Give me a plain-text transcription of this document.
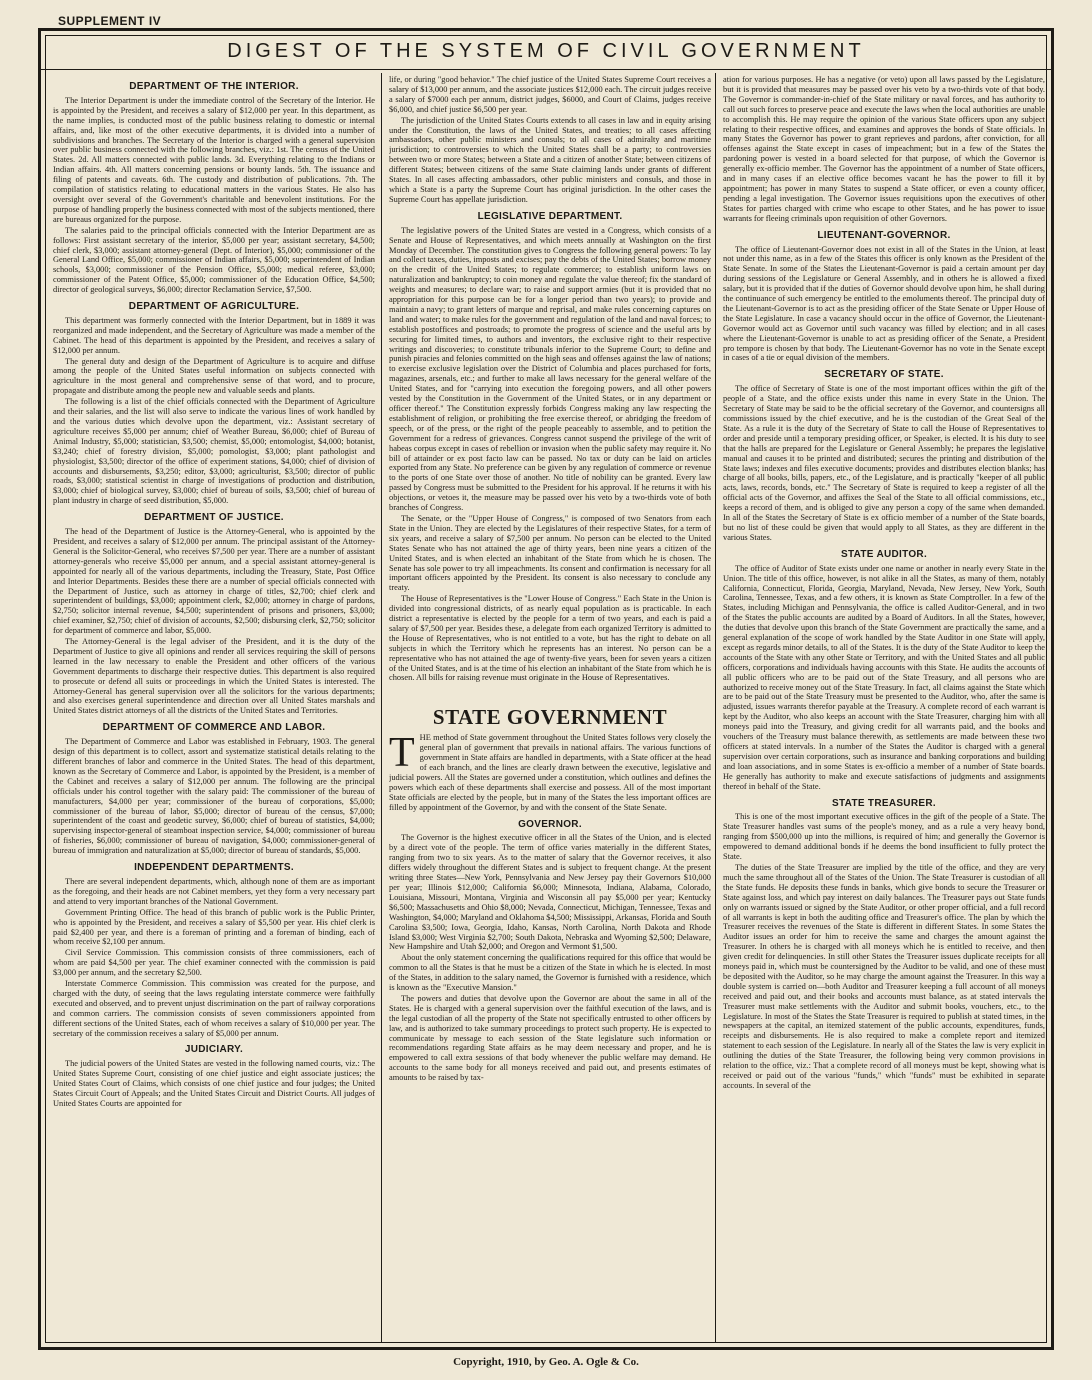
SUPPLEMENT IV
DIGEST OF THE SYSTEM OF CIVIL GOVERNMENT
DEPARTMENT OF THE INTERIOR.

The Interior Department is under the immediate control of the Secretary of the Interior. He is appointed by the President, and receives a salary of $12,000 per year. In this department, as the name implies, is conducted most of the public business relating to domestic or internal affairs, and, like most of the other executive departments, it is divided into a number of subdivisions and branches. The Secretary of the Interior is charged with a general supervision over public business connected with the following branches, viz.: 1st. The census of the United States. 2d. All matters connected with public lands. 3d. Everything relating to the Indians or Indian affairs. 4th. All matters concerning pensions or bounty lands. 5th. The issuance and filing of patents and caveats. 6th. The custody and distribution of publications. 7th. The compilation of statistics relating to educational matters in the various States. He also has oversight over several of the Government's charitable and benevolent institutions. For the purpose of handling properly the business connected with most of the subjects mentioned, there are bureaus organized for the purpose.

The salaries paid to the principal officials connected with the Interior Department are as follows: First assistant secretary of the interior, $5,000 per year; assistant secretary, $4,500; chief clerk, $3,000; assistant attorney-general (Dept. of Interior), $5,000; commissioner of the General Land Office, $5,000; commissioner of Indian affairs, $5,000; superintendent of Indian schools, $3,000; commissioner of the Pension Office, $5,000; medical referee, $3,000; commissioner of the Patent Office, $5,000; commissioner of the Education Office, $4,500; director of geological surveys, $6,000; director Reclamation Service, $7,500.

DEPARTMENT OF AGRICULTURE.

This department was formerly connected with the Interior Department, but in 1889 it was reorganized and made independent, and the Secretary of Agriculture was made a member of the Cabinet. The head of this department is appointed by the President, and receives a salary of $12,000 per annum.

The general duty and design of the Department of Agriculture is to acquire and diffuse among the people of the United States useful information on subjects connected with agriculture in the most general and comprehensive sense of that word, and to procure, propagate and distribute among the people new and valuable seeds and plants.

The following is a list of the chief officials connected with the Department of Agriculture and their salaries, and the list will also serve to indicate the various lines of work handled by and the various duties which devolve upon the department, viz.: Assistant secretary of agriculture receives $5,000 per annum; chief of Weather Bureau, $6,000; chief of Bureau of Animal Industry, $5,000; statistician, $3,500; chemist, $5,000; entomologist, $4,000; botanist, $3,240; chief of forestry division, $5,000; pomologist, $3,000; plant pathologist and physiologist, $3,500; director of the office of experiment stations, $4,000; chief of division of accounts and disbursements, $3,250; editor, $3,000; agriculturist, $3,500; director of public roads, $3,000; statistical scientist in charge of investigations of production and distribution, $3,000; chief of biological survey, $3,000; chief of bureau of soils, $3,500; chief of bureau of plant industry in charge of seed distribution, $5,000.

DEPARTMENT OF JUSTICE.

The head of the Department of Justice is the Attorney-General, who is appointed by the President, and receives a salary of $12,000 per annum. The principal assistant of the Attorney-General is the Solicitor-General, who receives $7,500 per year. There are a number of assistant attorney-generals who receive $5,000 per annum, and a special assistant attorney-general is appointed for nearly all of the various departments, including the Treasury, State, Post Office and Interior Departments. Besides these there are a number of special officials connected with the Department of Justice, such as attorney in charge of titles, $2,700; chief clerk and superintendent of buildings, $3,000; appointment clerk, $2,000; attorney in charge of pardons, $2,750; solicitor internal revenue, $4,500; superintendent of prisons and prisoners, $3,000; chief examiner, $2,750; chief of division of accounts, $2,500; disbursing clerk, $2,750; solicitor for department of commerce and labor, $5,000.

The Attorney-General is the legal adviser of the President, and it is the duty of the Department of Justice to give all opinions and render all services requiring the skill of persons learned in the law necessary to enable the President and other officers of the various Government departments to discharge their respective duties. This department is also required to prosecute or defend all suits or proceedings in which the United States is interested. The Attorney-General has general supervision over all the solicitors for the various departments; and also exercises general superintendence and direction over all United States marshals and United States district attorneys of all the districts of the United States and Territories.

DEPARTMENT OF COMMERCE AND LABOR.

The Department of Commerce and Labor was established in February, 1903. The general design of this department is to collect, assort and systematize statistical details relating to the different branches of labor and commerce in the United States. The head of this department, known as the Secretary of Commerce and Labor, is appointed by the President, is a member of the Cabinet and receives a salary of $12,000 per annum. The following are the principal officials under his control together with the salary paid: The commissioner of the bureau of manufacturers, $4,000 per year; commissioner of the bureau of corporations, $5,000; commissioner of the bureau of labor, $5,000; director of bureau of the census, $7,000; superintendent of the coast and geodetic survey, $6,000; chief of bureau of statistics, $4,000; supervising inspector-general of steamboat inspection service, $4,000; commissioner of bureau of fisheries, $6,000; commissioner of bureau of navigation, $4,000; commissioner-general of bureau of immigration and naturalization at $5,000; director of bureau of standards, $5,000.

INDEPENDENT DEPARTMENTS.

There are several independent departments, which, although none of them are as important as the foregoing, and their heads are not Cabinet members, yet they form a very necessary part and attend to very important branches of the National Government.

Government Printing Office. The head of this branch of public work is the Public Printer, who is appointed by the President, and receives a salary of $5,500 per year. His chief clerk is paid $2,400 per year, and there is a foreman of printing and a foreman of binding, each of whom receive $2,100 per annum.

Civil Service Commission. This commission consists of three commissioners, each of whom are paid $4,500 per year. The chief examiner connected with the commission is paid $3,000 per annum, and the secretary $2,500.

Interstate Commerce Commission. This commission was created for the purpose, and charged with the duty, of seeing that the laws regulating interstate commerce were faithfully executed and observed, and to prevent unjust discrimination on the part of railway corporations and common carriers. The commission consists of seven commissioners appointed from different sections of the United States, each of whom receives a salary of $10,000 per year. The secretary of the commission receives a salary of $5,000 per annum.

JUDICIARY.

The judicial powers of the United States are vested in the following named courts, viz.: The United States Supreme Court, consisting of one chief justice and eight associate justices; the United States Court of Claims, which consists of one chief justice and four judges; the United States Circuit Court of Appeals; and the United States Circuit and District Courts. All judges of United States Courts are appointed for

life, or during "good behavior." The chief justice of the United States Supreme Court receives a salary of $13,000 per annum, and the associate justices $12,000 each. The circuit judges receive a salary of $7000 each per annum, district judges, $6000, and Court of Claims, judges receive $6,000, and chief justice $6,500 per year.

The jurisdiction of the United States Courts extends to all cases in law and in equity arising under the Constitution, the laws of the United States, and treaties; to all cases affecting ambassadors, other public ministers and consuls; to all cases of admiralty and maritime jurisdiction; to controversies to which the United States shall be a party; to controversies between two or more States; between a State and a citizen of another State; between citizens of different States; between citizens of the same State claiming lands under grants of different States. In all cases affecting ambassadors, other public ministers and consuls, and those in which a State is a party the Supreme Court has original jurisdiction. In the other cases the Supreme Court has appellate jurisdiction.

LEGISLATIVE DEPARTMENT.

The legislative powers of the United States are vested in a Congress, which consists of a Senate and House of Representatives, and which meets annually at Washington on the first Monday of December. The constitution gives to Congress the following general powers: To lay and collect taxes, duties, imposts and excises; pay the debts of the United States; borrow money on the credit of the United States; to regulate commerce; to establish uniform laws on naturalization and bankruptcy; to coin money and regulate the value thereof; fix the standard of weights and measures; to declare war; to raise and support armies (but it is provided that no appropriation for this purpose can be for a longer period than two years); to provide and maintain a navy; to grant letters of marque and reprisal, and make rules concerning captures on land and water; to make rules for the government and regulation of the land and naval forces; to establish postoffices and postroads; to promote the progress of science and the useful arts by securing for limited times, to authors and inventors, the exclusive right to their respective writings and discoveries; to constitute tribunals inferior to the Supreme Court; to define and punish piracies and felonies committed on the high seas and offenses against the law of nations; to exercise exclusive legislation over the District of Columbia and places purchased for forts, magazines, arsenals, etc.; and further to make all laws necessary for the general welfare of the United States, and for "carrying into execution the foregoing powers, and all other powers vested by the Constitution in the Government of the United States, or in any department or officer thereof." The Constitution expressly forbids Congress making any law respecting the establishment of religion, or prohibiting the free exercise thereof, or abridging the freedom of speech, or of the press, or the right of the people peaceably to assemble, and to petition the Government for a redress of grievances. Congress cannot suspend the privilege of the writ of habeas corpus except in cases of rebellion or invasion when the public safety may require it. No bill of attainder or ex post facto law can be passed. No tax or duty can be laid on articles exported from any State. No preference can be given by any regulation of commerce or revenue to the ports of one State over those of another. No title of nobility can be granted. Every law passed by Congress must be submitted to the President for his approval. If he returns it with his objections, or vetoes it, the measure may be passed over his veto by a two-thirds vote of both branches of Congress.

The Senate, or the "Upper House of Congress," is composed of two Senators from each State in the Union. They are elected by the Legislatures of their respective States, for a term of six years, and receive a salary of $7,500 per annum. No person can be elected to the United States Senate who has not attained the age of thirty years, been nine years a citizen of the United States, and is when elected an inhabitant of the State from which he is chosen. The Senate has sole power to try all impeachments. Its consent and confirmation is necessary for all important officers appointed by the President. Its consent is also necessary to conclude any treaty.

The House of Representatives is the "Lower House of Congress." Each State in the Union is divided into congressional districts, of as nearly equal population as is practicable. In each district a representative is elected by the people for a term of two years, and each is paid a salary of $7,500 per year. Besides these, a delegate from each organized Territory is admitted to the House of Representatives, who is not entitled to a vote, but has the right to debate on all subjects in which the Territory which he represents has an interest. No person can be a representative who has not attained the age of twenty-five years, been for seven years a citizen of the United States, and is at the time of his election an inhabitant of the State from which he is chosen. All bills for raising revenue must originate in the House of Representatives.

STATE GOVERNMENT

THE method of State government throughout the United States follows very closely the general plan of government that prevails in national affairs. The various functions of government in State affairs are handled in departments, with a State officer at the head of each branch, and the lines are clearly drawn between the executive, legislative and judicial powers. All the States are governed under a constitution, which outlines and defines the powers which each of these departments shall exercise and possess. All of the most important State officials are elected by the people, but in many of the States the less important offices are filled by appointment of the Governor, by and with the consent of the State Senate.

GOVERNOR.

The Governor is the highest executive officer in all the States of the Union, and is elected by a direct vote of the people. The term of office varies materially in the different States, ranging from two to six years. As to the matter of salary that the Governor receives, it also differs widely throughout the different States and is subject to frequent change. At the present writing three States—New York, Pennsylvania and New Jersey pay their Governors $10,000 per year; Illinois $12,000; California $6,000; Minnesota, Indiana, Alabama, Colorado, Louisiana, Missouri, Montana, Virginia and Wisconsin all pay $5,000 per year; Kentucky $6,500; Massachusetts and Ohio $8,000; Nevada, Connecticut, Michigan, Tennessee, Texas and Washington, $4,000; Maryland and Oklahoma $4,500; Mississippi, Arkansas, Florida and South Carolina $3,500; Iowa, Georgia, Idaho, Kansas, North Carolina, North Dakota and Rhode Island $3,000; West Virginia $2,700; South Dakota, Nebraska and Wyoming $2,500; Delaware, New Hampshire and Utah $2,000; and Oregon and Vermont $1,500.

About the only statement concerning the qualifications required for this office that would be common to all the States is that he must be a citizen of the State in which he is elected. In most of the States, in addition to the salary named, the Governor is furnished with a residence, which is known as the "Executive Mansion."

The powers and duties that devolve upon the Governor are about the same in all of the States. He is charged with a general supervision over the faithful execution of the laws, and is the legal custodian of all the property of the State not specifically entrusted to other officers by law, and is authorized to take summary proceedings to protect such property. He is expected to communicate by message to each session of the State legislature such information or recommendations regarding State affairs as he may deem necessary and proper, and he is empowered to call extra sessions of that body whenever the public welfare may demand. He accounts to the same body for all moneys received and paid out, and presents estimates of amounts to be raised by tax-

ation for various purposes. He has a negative (or veto) upon all laws passed by the Legislature, but it is provided that measures may be passed over his veto by a two-thirds vote of that body. The Governor is commander-in-chief of the State military or naval forces, and has authority to call out such forces to preserve peace and execute the laws when the local authorities are unable to accomplish this. He may require the opinion of the various State officers upon any subject relating to their respective offices, and examines and approves the bonds of State officials. In many States the Governor has power to grant reprieves and pardons, after conviction, for all offenses against the State except in cases of impeachment; but in a few of the States the pardoning power is vested in a board selected for that purpose, of which the Governor is generally ex-officio member. The Governor has the appointment of a number of State officers, and in many cases if an elective office becomes vacant he has the power to fill it by appointment; has power in many States to suspend a State officer, or even a county officer, pending a legal investigation. The Governor issues requisitions upon the executives of other States for parties charged with crime who escape to other States, and he has power to issue warrants for fleeing criminals upon requisition of other Governors.

LIEUTENANT-GOVERNOR.

The office of Lieutenant-Governor does not exist in all of the States in the Union, at least not under this name, as in a few of the States this officer is only known as the President of the State Senate. In some of the States the Lieutenant-Governor is paid a certain amount per day during sessions of the Legislature or General Assembly, and in others he is allowed a fixed salary, but it is provided that if the duties of Governor should devolve upon him, he shall during the continuance of such emergency be entitled to the emoluments thereof. The principal duty of the Lieutenant-Governor is to act as the presiding officer of the State Senate or Upper House of the State Legislature. In case a vacancy should occur in the office of Governor, the Lieutenant-Governor would act as Governor until such vacancy was filled by election; and in all cases where the Lieutenant-Governor is unable to act as presiding officer of the Senate, a President pro tempore is chosen by that body. The Lieutenant-Governor has no vote in the Senate except in cases of a tie or equal division of the members.

SECRETARY OF STATE.

The office of Secretary of State is one of the most important offices within the gift of the people of a State, and the office exists under this name in every State in the Union. The Secretary of State may be said to be the official secretary of the Governor, and countersigns all commissions issued by the chief executive, and he is the custodian of the Great Seal of the State. As a rule it is the duty of the Secretary of State to call the House of Representatives to order and preside until a temporary presiding officer, or Speaker, is elected. It is his duty to see that the halls are prepared for the Legislature or General Assembly; he prepares the legislative manual and causes it to be printed and distributed; secures the printing and distribution of the State laws; indexes and files executive documents; provides and distributes election blanks; has charge of all books, bills, papers, etc., of the Legislature, and is practically "keeper of all public acts, laws, records, bonds, etc." The Secretary of State is required to keep a register of all the official acts of the Governor, and affixes the Seal of the State to all official commissions, etc., keeps a record of them, and is obliged to give any person a copy of the same when demanded. In all of the States the Secretary of State is ex officio member of a number of the State boards, but no list of these could be given that would apply to all States, as they are different in the various States.

STATE AUDITOR.

The office of Auditor of State exists under one name or another in nearly every State in the Union. The title of this office, however, is not alike in all the States, as many of them, notably California, Connecticut, Florida, Georgia, Maryland, Nevada, New Jersey, New York, South Carolina, Tennessee, Texas, and a few others, it is known as State Comptroller. In a few of the States, including Michigan and Pennsylvania, the office is called Auditor-General, and in two of the States the public accounts are audited by a Board of Auditors. In all the States, however, the duties that devolve upon this branch of the State Government are practically the same, and a general explanation of the scope of work handled by the State Auditor in one State will apply, except as regards minor details, to all of the States. It is the duty of the State Auditor to keep the accounts of the State with any other State or Territory, and with the United States and all public officers, corporations and individuals having accounts with this State. He audits the accounts of all public officers who are to be paid out of the State Treasury, and all persons who are authorized to receive money out of the State Treasury. In fact, all claims against the State which are to be paid out of the State Treasury must be presented to the Auditor, who, after the same is adjusted, issues warrants therefor payable at the Treasury. A complete record of each warrant is kept by the Auditor, who also keeps an account with the State Treasurer, charging him with all moneys paid into the Treasury, and giving credit for all warrants paid, and the books and vouchers of the Treasury must balance therewith, as settlements are made between these two officers at stated intervals. In a number of the States the Auditor is charged with a general supervision over certain corporations, such as insurance and banking corporations and building and loan associations, and in some States is ex-officio a member of a number of State boards. He generally has authority to make and execute satisfactions of judgments and assignments thereof in behalf of the State.

STATE TREASURER.

This is one of the most important executive offices in the gift of the people of a State. The State Treasurer handles vast sums of the people's money, and as a rule a very heavy bond, ranging from $500,000 up into the millions, is required of him; and generally the Governor is empowered to demand additional bonds if he deems the bond insufficient to fully protect the State.

The duties of the State Treasurer are implied by the title of the office, and they are very much the same throughout all of the States of the Union. The State Treasurer is custodian of all the State funds. He deposits these funds in banks, which give bonds to secure the Treasurer or State against loss, and which pay interest on daily balances. The Treasurer pays out State funds only on warrants issued or signed by the State Auditor, or other proper official, and a full record of all warrants is kept in both the auditing office and Treasurer's office. The plan by which the Treasurer receives the revenues of the State is different in different States. In some States the Auditor issues an order for him to receive the same and charges the amount against the Treasurer. In others he is charged with all moneys which he is entitled to receive, and then given credit for delinquencies. In still other States the Treasurer issues duplicate receipts for all moneys paid in, which must be countersigned by the Auditor to be valid, and one of these must be deposited with the Auditor, so he may charge the amount against the Treasurer. In this way a double system is carried on—both Auditor and Treasurer keeping a full account of all moneys received and paid out, and their books and accounts must balance, as at stated intervals the Treasurer must make settlements with the Auditor and submit books, vouchers, etc., to the Legislature. In most of the States the State Treasurer is required to publish at stated times, in the newspapers at the capital, an itemized statement of the public accounts, expenditures, funds, receipts and disbursements. He is also required to make a complete report and itemized statement to each session of the Legislature. In nearly all of the States the law is very explicit in outlining the duties of the State Treasurer, the following being very common provisions in relation to the office, viz.: That a complete record of all moneys must be kept, showing what is received or paid out of the various "funds," which "funds" must be exhibited in separate accounts. In several of the

Copyright, 1910, by Geo. A. Ogle & Co.
